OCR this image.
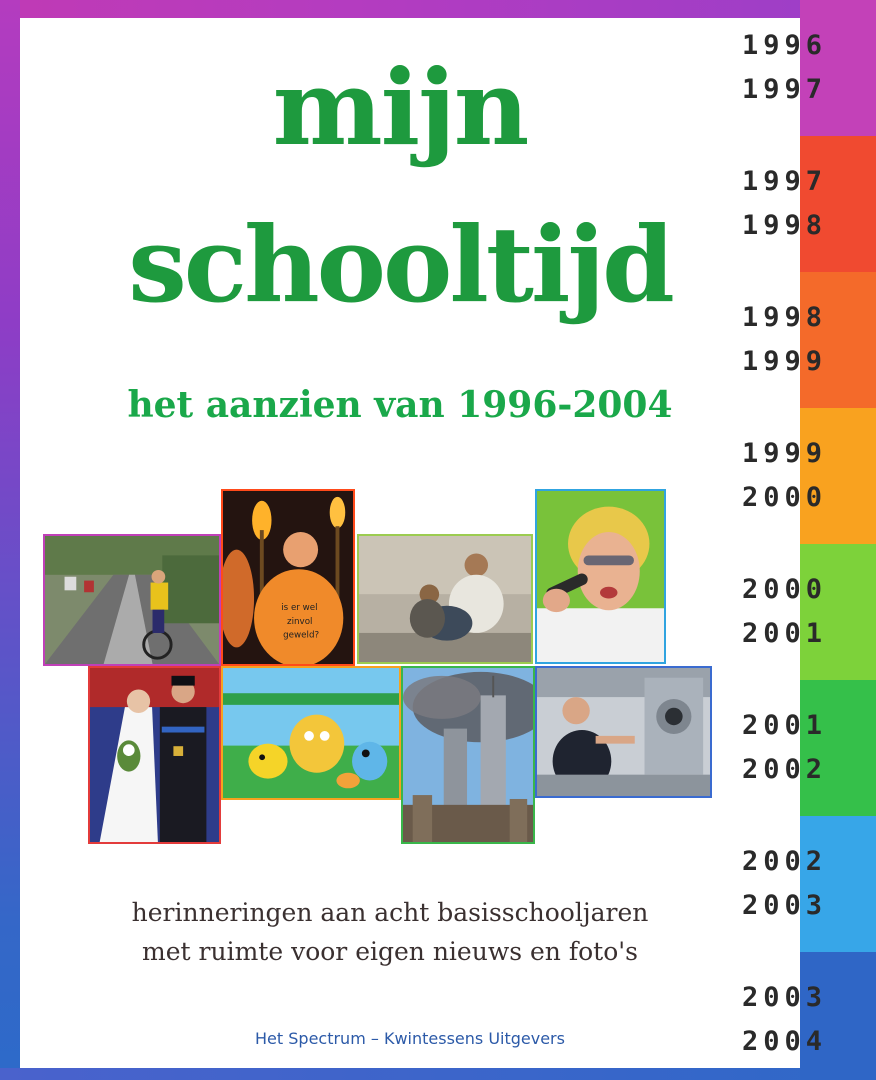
1996
1997
1997
1998
1998
1999
1999
2000
2000
2001
2001
2002
2002
2003
2003
2004
mijn
schooltijd
het aanzien van 1996-2004
is er wel
zinvol
geweld?

herinneringen aan acht basisschooljaren

met ruimte voor eigen nieuws en foto's

Het Spectrum – Kwintessens Uitgevers
